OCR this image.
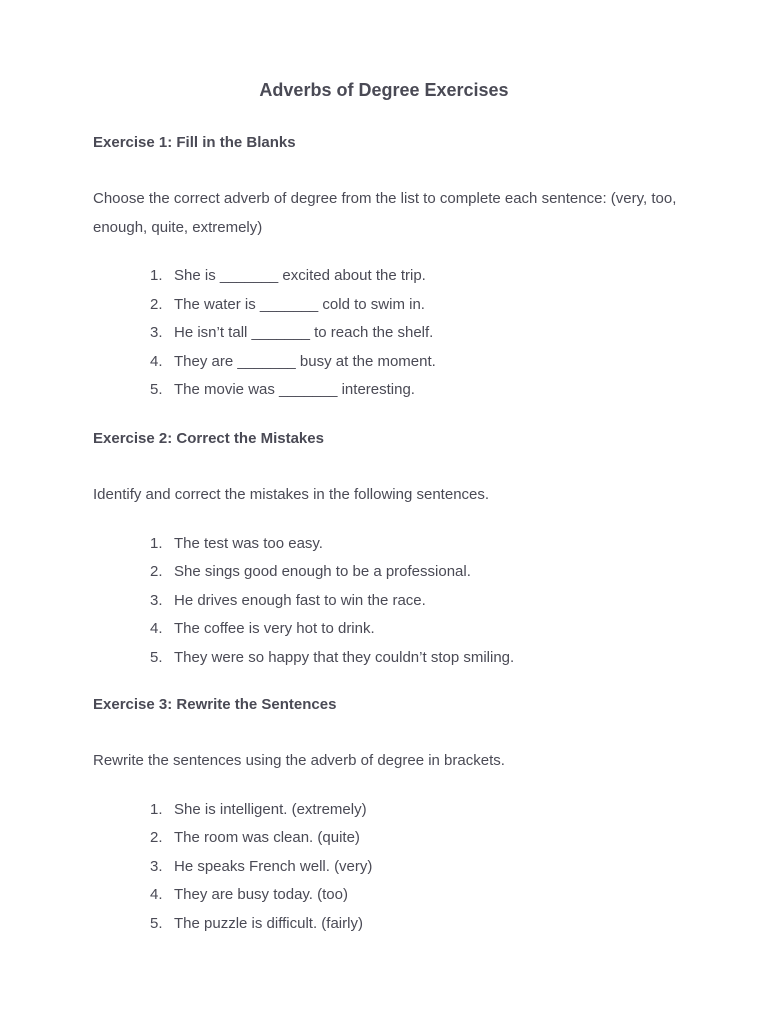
Adverbs of Degree Exercises
Exercise 1: Fill in the Blanks

Choose the correct adverb of degree from the list to complete each sentence: (very, too, enough, quite, extremely)

1. She is _______ excited about the trip.
2. The water is _______ cold to swim in.
3. He isn’t tall _______ to reach the shelf.
4. They are _______ busy at the moment.
5. The movie was _______ interesting.
Exercise 2: Correct the Mistakes

Identify and correct the mistakes in the following sentences.

1. The test was too easy.
2. She sings good enough to be a professional.
3. He drives enough fast to win the race.
4. The coffee is very hot to drink.
5. They were so happy that they couldn’t stop smiling.
Exercise 3: Rewrite the Sentences

Rewrite the sentences using the adverb of degree in brackets.

1. She is intelligent. (extremely)
2. The room was clean. (quite)
3. He speaks French well. (very)
4. They are busy today. (too)
5. The puzzle is difficult. (fairly)
